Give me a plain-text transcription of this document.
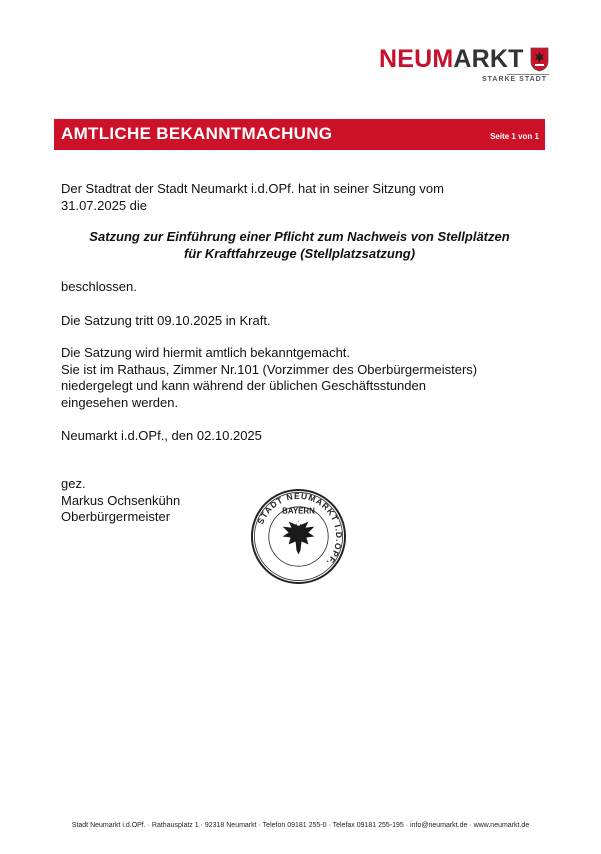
NEUMARKT
STARKE STADT
AMTLICHE BEKANNTMACHUNG	Seite 1 von 1
Der Stadtrat der Stadt Neumarkt i.d.OPf. hat in seiner Sitzung vom
31.07.2025 die
Satzung zur Einführung einer Pflicht zum Nachweis von Stellplätzen
für Kraftfahrzeuge (Stellplatzsatzung)
beschlossen.
Die Satzung tritt 09.10.2025 in Kraft.
Die Satzung wird hiermit amtlich bekanntgemacht.
Sie ist im Rathaus, Zimmer Nr.101 (Vorzimmer des Oberbürgermeisters)
niedergelegt und kann während der üblichen Geschäftsstunden
eingesehen werden.
Neumarkt i.d.OPf., den 02.10.2025
gez.
Markus Ochsenkühn
Oberbürgermeister	STADT NEUMARKT I.D.OPF.
BAYERN
Stadt Neumarkt i.d.OPf. · Rathausplatz 1 · 92318 Neumarkt · Telefon 09181 255-0 · Telefax 09181 255-195 · info@neumarkt.de · www.neumarkt.de
